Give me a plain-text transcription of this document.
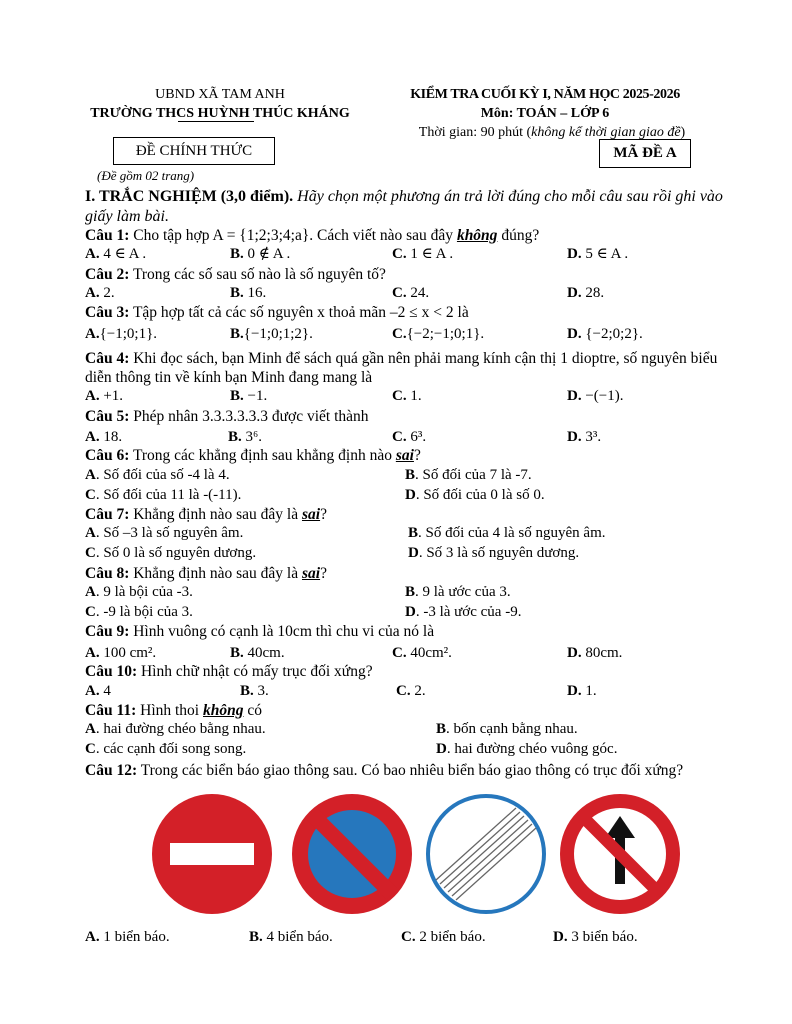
UBND XÃ TAM ANH
TRƯỜNG THCS HUỲNH THÚC KHÁNG
KIỂM TRA CUỐI KỲ I, NĂM HỌC 2025-2026
Môn: TOÁN – LỚP 6
Thời gian: 90 phút (không kể thời gian giao đề)
ĐỀ CHÍNH THỨC	MÃ ĐỀ A
(Đề gồm 02 trang)
I. TRẮC NGHIỆM (3,0 điểm). Hãy chọn một phương án trả lời đúng cho mỗi câu sau rồi ghi vào giấy làm bài.
Câu 1: Cho tập hợp A = {1;2;3;4;a}. Cách viết nào sau đây không đúng?
A. 4 ∈ A .	B. 0 ∉ A .	C. 1 ∈ A .	D. 5 ∈ A .
Câu 2: Trong các số sau số nào là số nguyên tố?
A. 2.	B. 16.	C. 24.	D. 28.
Câu 3: Tập hợp tất cả các số nguyên x thoả mãn –2 ≤ x < 2 là
A.{−1;0;1}.	B.{−1;0;1;2}.	C.{−2;−1;0;1}.	D. {−2;0;2}.
Câu 4: Khi đọc sách, bạn Minh để sách quá gần nên phải mang kính cận thị 1 dioptre, số nguyên biểu diễn thông tin về kính bạn Minh đang mang là
A. +1.	B. −1.	C. 1.	D. −(−1).
Câu 5: Phép nhân 3.3.3.3.3.3 được viết thành
A. 18.	B. 3⁶.	C. 6³.	D. 3³.
Câu 6: Trong các khẳng định sau khẳng định nào sai?
A. Số đối của số -4 là 4.	B. Số đối của 7 là -7.
C. Số đối của 11 là -(-11).	D. Số đối của 0 là số 0.
Câu 7: Khẳng định nào sau đây là sai?
A. Số –3 là số nguyên âm.	B. Số đối của 4 là số nguyên âm.
C. Số 0 là số nguyên dương.	D. Số 3 là số nguyên dương.
Câu 8: Khẳng định nào sau đây là sai?
A. 9 là bội của -3.	B. 9 là ước của 3.
C. -9 là bội của 3.	D. -3 là ước của -9.
Câu 9: Hình vuông có cạnh là 10cm thì chu vi của nó là
A. 100 cm².	B. 40cm.	C. 40cm².	D. 80cm.
Câu 10: Hình chữ nhật có mấy trục đối xứng?
A. 4	B. 3.	C. 2.	D. 1.
Câu 11: Hình thoi không có
A. hai đường chéo bằng nhau.	B. bốn cạnh bằng nhau.
C. các cạnh đối song song.	D. hai đường chéo vuông góc.
Câu 12: Trong các biển báo giao thông sau. Có bao nhiêu biển báo giao thông có trục đối xứng?
A. 1 biển báo.	B. 4 biển báo.	C. 2 biển báo.	D. 3 biển báo.
